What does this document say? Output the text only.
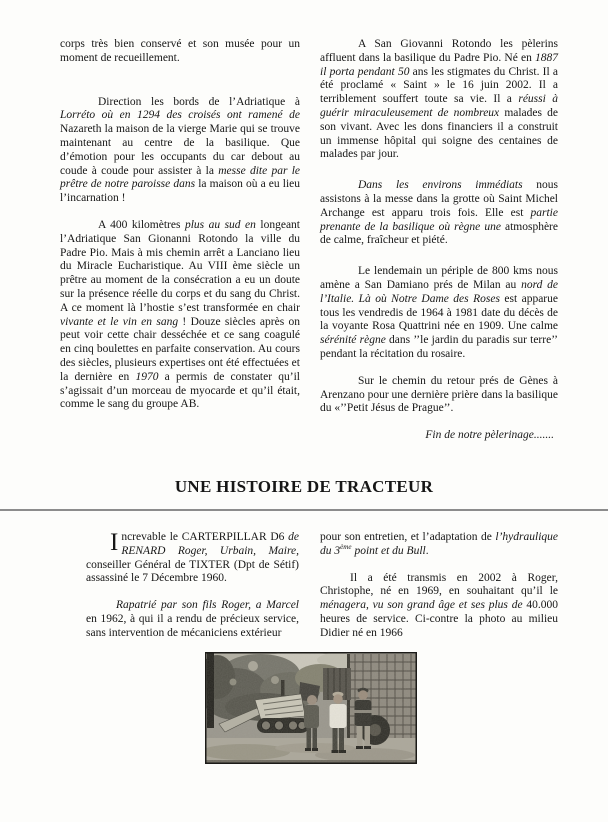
corps très bien conservé et son musée pour un moment de recueillement.

Direction les bords de l’Adriatique à Lorréto où en 1294 des croisés ont ramené de Nazareth la maison de la vierge Marie qui se trouve maintenant au centre de la basilique. Que d’émotion pour les occupants du car debout au coude à coude pour assister à la messe dite par le prêtre de notre paroisse dans la maison où a eu lieu l’incarnation !

A 400 kilomètres plus au sud en longeant l’Adriatique San Gionanni Rotondo la ville du Padre Pio. Mais à mis chemin arrêt a Lanciano lieu du Miracle Eucharistique. Au VIII ème siècle un prêtre au moment de la consécration a eu un doute sur la présence réelle du corps et du sang du Christ. A ce moment là l’hostie s’est transformée en chair vivante et le vin en sang ! Douze siècles après on peut voir cette chair desséchée et ce sang coagulé en cinq boulettes en parfaite conservation. Au cours des siècles, plusieurs expertises ont été effectuées et la dernière en 1970 a permis de constater qu’il s’agissait d’un morceau de myocarde et qu’il était, comme le sang du groupe AB.

A San Giovanni Rotondo les pèlerins affluent dans la basilique du Padre Pio. Né en 1887 il porta pendant 50 ans les stigmates du Christ. Il a été proclamé « Saint » le 16 juin 2002. Il a terriblement souffert toute sa vie. Il a réussi à guérir miraculeusement de nombreux malades de son vivant. Avec les dons financiers il a construit un immense hôpital qui soigne des centaines de malades par jour.

Dans les environs immédiats nous assistons à la messe dans la grotte où Saint Michel Archange est apparu trois fois. Elle est partie prenante de la basilique où règne une atmosphère de calme, fraîcheur et piété.

Le lendemain un périple de 800 kms nous amène a San Damiano prés de Milan au nord de l’Italie. Là où Notre Dame des Roses est apparue tous les vendredis de 1964 à 1981 date du décès de la voyante Rosa Quattrini née en 1909. Une calme sérénité règne dans ’’le jardin du paradis sur terre’’ pendant la récitation du rosaire.

Sur le chemin du retour prés de Gènes à Arenzano pour une dernière prière dans la basilique du «’’Petit Jésus de Prague’’.

Fin de notre pèlerinage.......
UNE HISTOIRE DE TRACTEUR

Increvable le CARTERPILLAR D6 de RENARD Roger, Urbain, Maire, conseiller Général de TIXTER (Dpt de Sétif) assassiné le 7 Décembre 1960.

Rapatrié par son fils Roger, a Marcel en 1962, à qui il a rendu de précieux service, sans intervention de mécaniciens extérieur

pour son entretien, et l’adaptation de l’hydraulique du 3ème point et du Bull.

Il a été transmis en 2002 à Roger, Christophe, né en 1969, en souhaitant qu’il le ménagera, vu son grand âge et ses plus de 40.000 heures de service. Ci-contre la photo au milieu Didier né en 1966
